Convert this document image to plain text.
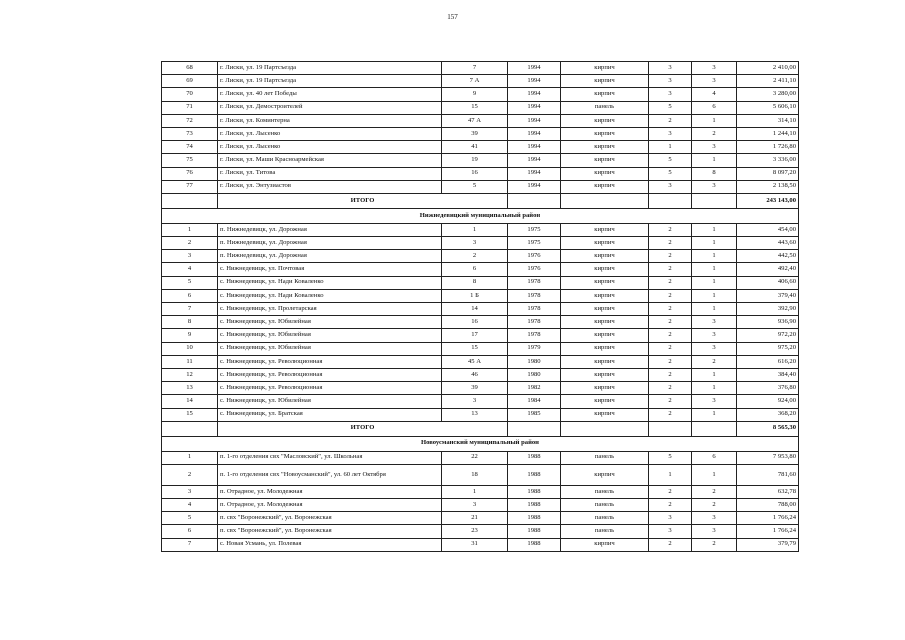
157
68	г. Лиски, ул. 19 Партсъезда	7	1994	кирпич	3	3	2 410,00
69	г. Лиски, ул. 19 Партсъезда	7 А	1994	кирпич	3	3	2 411,10
70	г. Лиски, ул. 40 лет Победы	9	1994	кирпич	3	4	3 280,00
71	г. Лиски, ул. Демостроителей	15	1994	панель	5	6	5 606,10
72	г. Лиски, ул. Коминтерна	47 А	1994	кирпич	2	1	314,10
73	г. Лиски, ул. Лысенко	39	1994	кирпич	3	2	1 244,10
74	г. Лиски, ул. Лысенко	41	1994	кирпич	1	3	1 726,80
75	г. Лиски, ул. Маши Красноармейская	19	1994	кирпич	5	1	3 336,00
76	г. Лиски, ул. Титова	16	1994	кирпич	5	8	8 097,20
77	г. Лиски, ул. Энтузиастов	5	1994	кирпич	3	3	2 138,50
	ИТОГО						243 143,00
Нижнедевицкий муниципальный район							
1	п. Нижнедевицк, ул. Дорожная	1	1975	кирпич	2	1	454,00
2	п. Нижнедевицк, ул. Дорожная	3	1975	кирпич	2	1	443,60
3	п. Нижнедевицк, ул. Дорожная	2	1976	кирпич	2	1	442,50
4	с. Нижнедевицк, ул. Почтовая	6	1976	кирпич	2	1	492,40
5	с. Нижнедевицк, ул. Нади Коваленко	8	1978	кирпич	2	1	406,60
6	с. Нижнедевицк, ул. Нади Коваленко	1 Б	1978	кирпич	2	1	379,40
7	с. Нижнедевицк, ул. Пролетарская	14	1978	кирпич	2	1	392,90
8	с. Нижнедевицк, ул. Юбилейная	16	1978	кирпич	2	3	936,90
9	с. Нижнедевицк, ул. Юбилейная	17	1978	кирпич	2	3	972,20
10	с. Нижнедевицк, ул. Юбилейная	15	1979	кирпич	2	3	975,20
11	с. Нижнедевицк, ул. Революционная	45 А	1980	кирпич	2	2	616,20
12	с. Нижнедевицк, ул. Революционная	46	1980	кирпич	2	1	384,40
13	с. Нижнедевицк, ул. Революционная	39	1982	кирпич	2	1	376,80
14	с. Нижнедевицк, ул. Юбилейная	3	1984	кирпич	2	3	924,00
15	с. Нижнедевицк, ул. Братская	13	1985	кирпич	2	1	368,20
	ИТОГО						8 565,30
Новоусманский муниципальный район							
1	п. 1-го отделения свх "Масловский", ул. Школьная	22	1988	панель	5	6	7 953,80
2	п. 1-го отделения свх "Новоусманский", ул. 60 лет Октября	18	1988	кирпич	1	1	781,60
3	п. Отрадное, ул. Молодежная	1	1988	панель	2	2	632,78
4	п. Отрадное, ул. Молодежная	3	1988	панель	2	2	788,00
5	п. свх "Воронежский", ул. Воронежская	21	1988	панель	3	3	1 766,24
6	п. свх "Воронежский", ул. Воронежская	23	1988	панель	3	3	1 766,24
7	с. Новая Усмань, ул. Полевая	31	1988	кирпич	2	2	379,79
